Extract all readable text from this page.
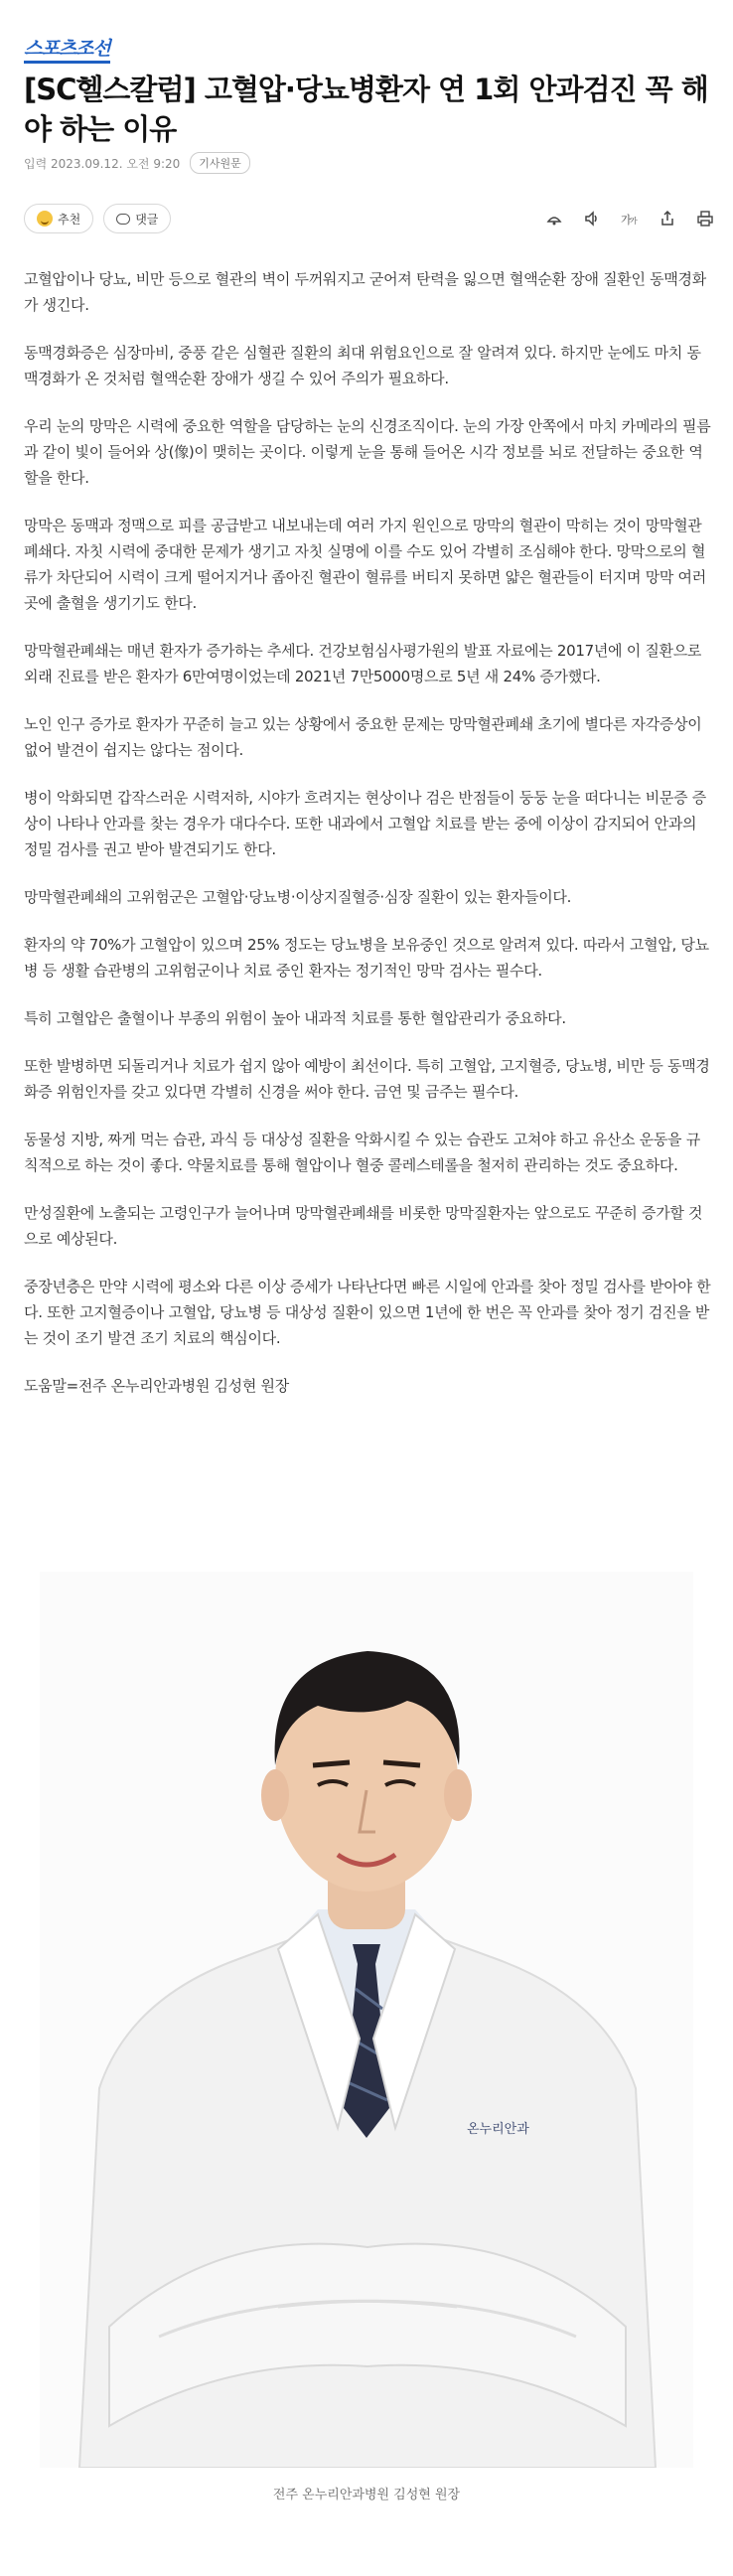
스포츠조선
[SC헬스칼럼] 고혈압·당뇨병환자 연 1회 안과검진 꼭 해야 하는 이유
입력 2023.09.12. 오전 9:20	기사원문
추천	댓글	가
가

고혈압이나 당뇨, 비만 등으로 혈관의 벽이 두꺼워지고 굳어져 탄력을 잃으면 혈액순환 장애 질환인 동맥경화가 생긴다.

동맥경화증은 심장마비, 중풍 같은 심혈관 질환의 최대 위험요인으로 잘 알려져 있다. 하지만 눈에도 마치 동맥경화가 온 것처럼 혈액순환 장애가 생길 수 있어 주의가 필요하다.

우리 눈의 망막은 시력에 중요한 역할을 담당하는 눈의 신경조직이다. 눈의 가장 안쪽에서 마치 카메라의 필름과 같이 빛이 들어와 상(像)이 맺히는 곳이다. 이렇게 눈을 통해 들어온 시각 정보를 뇌로 전달하는 중요한 역할을 한다.

망막은 동맥과 정맥으로 피를 공급받고 내보내는데 여러 가지 원인으로 망막의 혈관이 막히는 것이 망막혈관폐쇄다. 자칫 시력에 중대한 문제가 생기고 자칫 실명에 이를 수도 있어 각별히 조심해야 한다. 망막으로의 혈류가 차단되어 시력이 크게 떨어지거나 좁아진 혈관이 혈류를 버티지 못하면 얇은 혈관들이 터지며 망막 여러 곳에 출혈을 생기기도 한다.

망막혈관폐쇄는 매년 환자가 증가하는 추세다. 건강보험심사평가원의 발표 자료에는 2017년에 이 질환으로 외래 진료를 받은 환자가 6만여명이었는데 2021년 7만5000명으로 5년 새 24% 증가했다.

노인 인구 증가로 환자가 꾸준히 늘고 있는 상황에서 중요한 문제는 망막혈관폐쇄 초기에 별다른 자각증상이 없어 발견이 쉽지는 않다는 점이다.

병이 악화되면 갑작스러운 시력저하, 시야가 흐려지는 현상이나 검은 반점들이 둥둥 눈을 떠다니는 비문증 증상이 나타나 안과를 찾는 경우가 대다수다. 또한 내과에서 고혈압 치료를 받는 중에 이상이 감지되어 안과의 정밀 검사를 권고 받아 발견되기도 한다.

망막혈관폐쇄의 고위험군은 고혈압·당뇨병·이상지질혈증·심장 질환이 있는 환자들이다.

환자의 약 70%가 고혈압이 있으며 25% 정도는 당뇨병을 보유중인 것으로 알려져 있다. 따라서 고혈압, 당뇨병 등 생활 습관병의 고위험군이나 치료 중인 환자는 정기적인 망막 검사는 필수다.

특히 고혈압은 출혈이나 부종의 위험이 높아 내과적 치료를 통한 혈압관리가 중요하다.

또한 발병하면 되돌리거나 치료가 쉽지 않아 예방이 최선이다. 특히 고혈압, 고지혈증, 당뇨병, 비만 등 동맥경화증 위험인자를 갖고 있다면 각별히 신경을 써야 한다. 금연 및 금주는 필수다.

동물성 지방, 짜게 먹는 습관, 과식 등 대상성 질환을 악화시킬 수 있는 습관도 고쳐야 하고 유산소 운동을 규칙적으로 하는 것이 좋다. 약물치료를 통해 혈압이나 혈중 콜레스테롤을 철저히 관리하는 것도 중요하다.

만성질환에 노출되는 고령인구가 늘어나며 망막혈관폐쇄를 비롯한 망막질환자는 앞으로도 꾸준히 증가할 것으로 예상된다.

중장년층은 만약 시력에 평소와 다른 이상 증세가 나타난다면 빠른 시일에 안과를 찾아 정밀 검사를 받아야 한다. 또한 고지혈증이나 고혈압, 당뇨병 등 대상성 질환이 있으면 1년에 한 번은 꼭 안과를 찾아 정기 검진을 받는 것이 조기 발견 조기 치료의 핵심이다.

도움말=전주 온누리안과병원 김성현 원장

온누리안과
전주 온누리안과병원 김성현 원장
